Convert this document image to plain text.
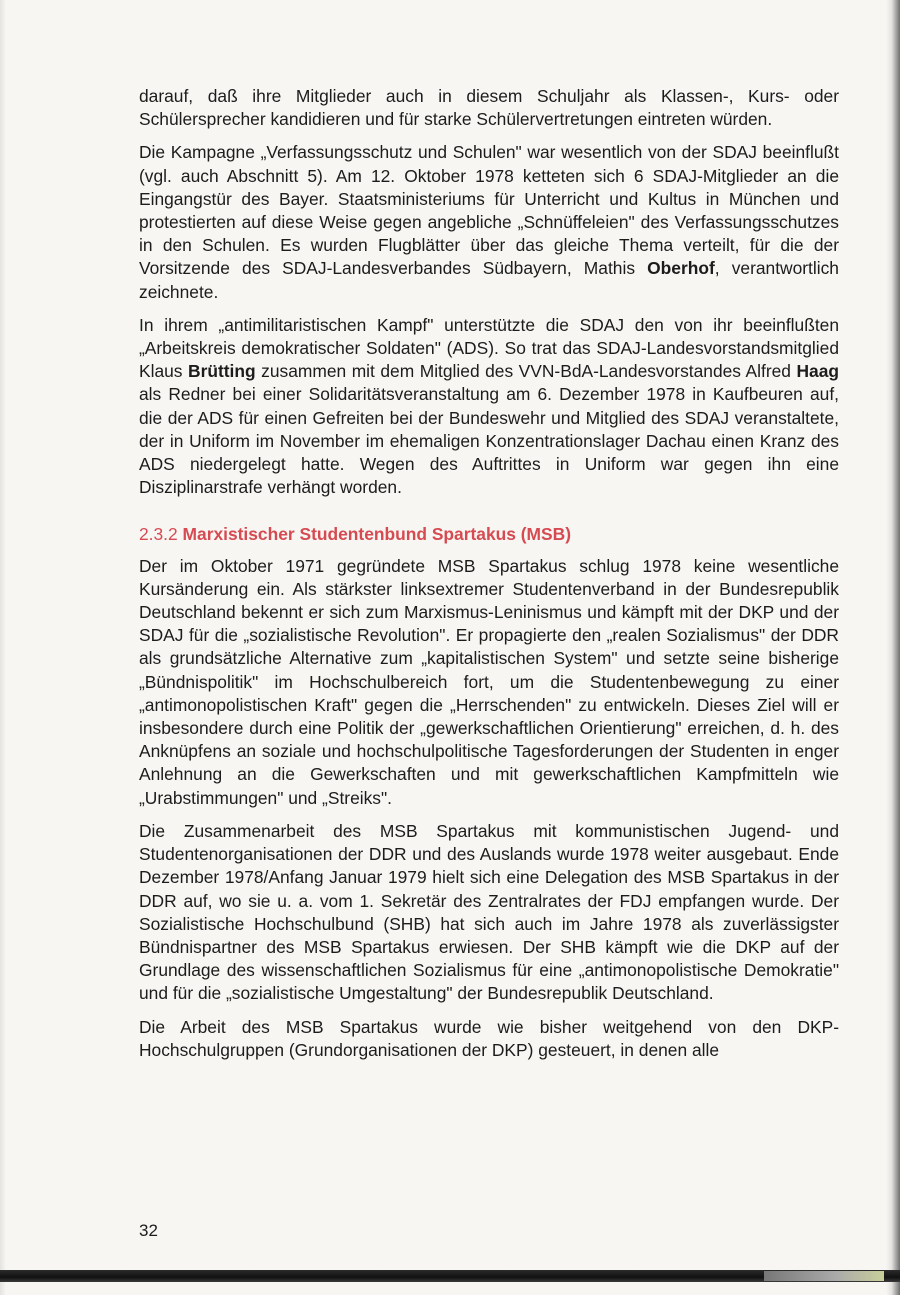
darauf, daß ihre Mitglieder auch in diesem Schuljahr als Klassen-, Kurs- oder Schülersprecher kandidieren und für starke Schülervertretungen eintreten würden.

Die Kampagne „Verfassungsschutz und Schulen" war wesentlich von der SDAJ beeinflußt (vgl. auch Abschnitt 5). Am 12. Oktober 1978 ketteten sich 6 SDAJ-Mitglieder an die Eingangstür des Bayer. Staatsministeriums für Unterricht und Kultus in München und protestierten auf diese Weise gegen angebliche „Schnüffeleien" des Verfassungsschutzes in den Schulen. Es wurden Flugblätter über das gleiche Thema verteilt, für die der Vorsitzende des SDAJ-Landesverbandes Südbayern, Mathis Oberhof, verantwortlich zeichnete.

In ihrem „antimilitaristischen Kampf" unterstützte die SDAJ den von ihr beeinflußten „Arbeitskreis demokratischer Soldaten" (ADS). So trat das SDAJ-Landesvorstandsmitglied Klaus Brütting zusammen mit dem Mitglied des VVN-BdA-Landesvorstandes Alfred Haag als Redner bei einer Solidaritätsveranstaltung am 6. Dezember 1978 in Kaufbeuren auf, die der ADS für einen Gefreiten bei der Bundeswehr und Mitglied des SDAJ veranstaltete, der in Uniform im November im ehemaligen Konzentrationslager Dachau einen Kranz des ADS niedergelegt hatte. Wegen des Auftrittes in Uniform war gegen ihn eine Disziplinarstrafe verhängt worden.

2.3.2 Marxistischer Studentenbund Spartakus (MSB)

Der im Oktober 1971 gegründete MSB Spartakus schlug 1978 keine wesentliche Kursänderung ein. Als stärkster linksextremer Studentenverband in der Bundesrepublik Deutschland bekennt er sich zum Marxismus-Leninismus und kämpft mit der DKP und der SDAJ für die „sozialistische Revolution". Er propagierte den „realen Sozialismus" der DDR als grundsätzliche Alternative zum „kapitalistischen System" und setzte seine bisherige „Bündnispolitik" im Hochschulbereich fort, um die Studentenbewegung zu einer „antimonopolistischen Kraft" gegen die „Herrschenden" zu entwickeln. Dieses Ziel will er insbesondere durch eine Politik der „gewerkschaftlichen Orientierung" erreichen, d. h. des Anknüpfens an soziale und hochschulpolitische Tagesforderungen der Studenten in enger Anlehnung an die Gewerkschaften und mit gewerkschaftlichen Kampfmitteln wie „Urabstimmungen" und „Streiks".

Die Zusammenarbeit des MSB Spartakus mit kommunistischen Jugend- und Studentenorganisationen der DDR und des Auslands wurde 1978 weiter ausgebaut. Ende Dezember 1978/Anfang Januar 1979 hielt sich eine Delegation des MSB Spartakus in der DDR auf, wo sie u. a. vom 1. Sekretär des Zentralrates der FDJ empfangen wurde. Der Sozialistische Hochschulbund (SHB) hat sich auch im Jahre 1978 als zuverlässigster Bündnispartner des MSB Spartakus erwiesen. Der SHB kämpft wie die DKP auf der Grundlage des wissenschaftlichen Sozialismus für eine „antimonopolistische Demokratie" und für die „sozialistische Umgestaltung" der Bundesrepublik Deutschland.

Die Arbeit des MSB Spartakus wurde wie bisher weitgehend von den DKP-Hochschulgruppen (Grundorganisationen der DKP) gesteuert, in denen alle

32
